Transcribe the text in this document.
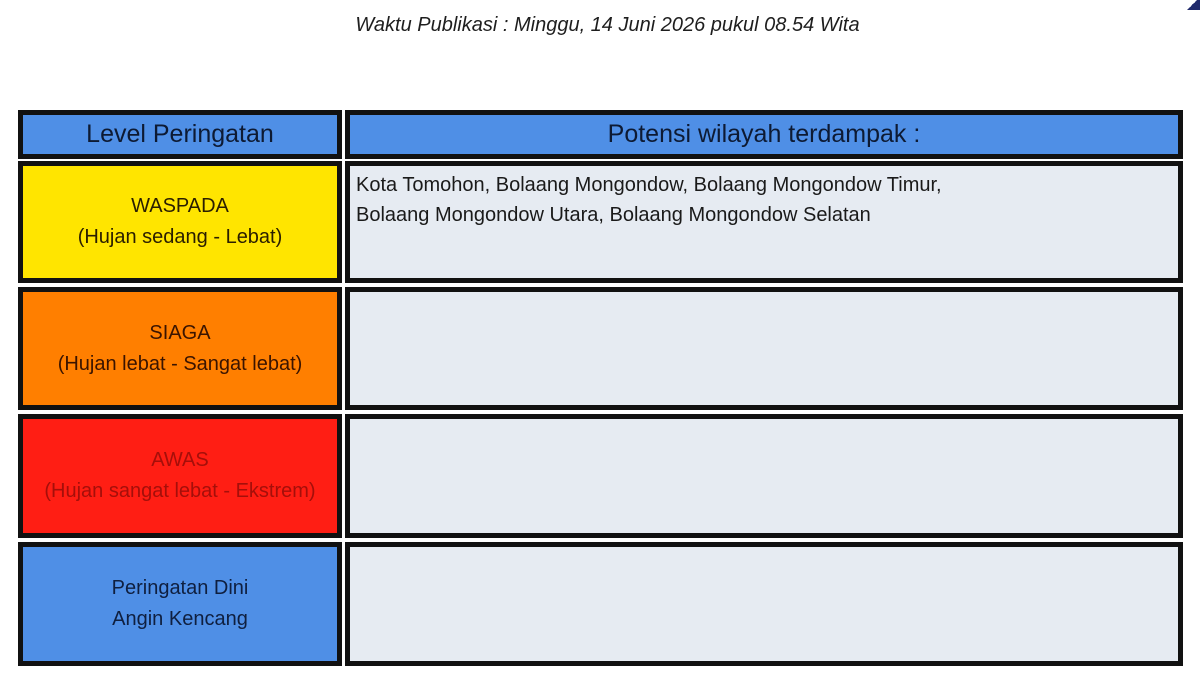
Waktu Publikasi : Minggu, 14 Juni 2026 pukul 08.54 Wita
Level Peringatan	Potensi wilayah terdampak :
WASPADA
(Hujan sedang - Lebat)
Kota Tomohon, Bolaang Mongondow, Bolaang Mongondow Timur,
Bolaang Mongondow Utara, Bolaang Mongondow Selatan
SIAGA
(Hujan lebat - Sangat lebat)
AWAS
(Hujan sangat lebat - Ekstrem)
Peringatan Dini
Angin Kencang
